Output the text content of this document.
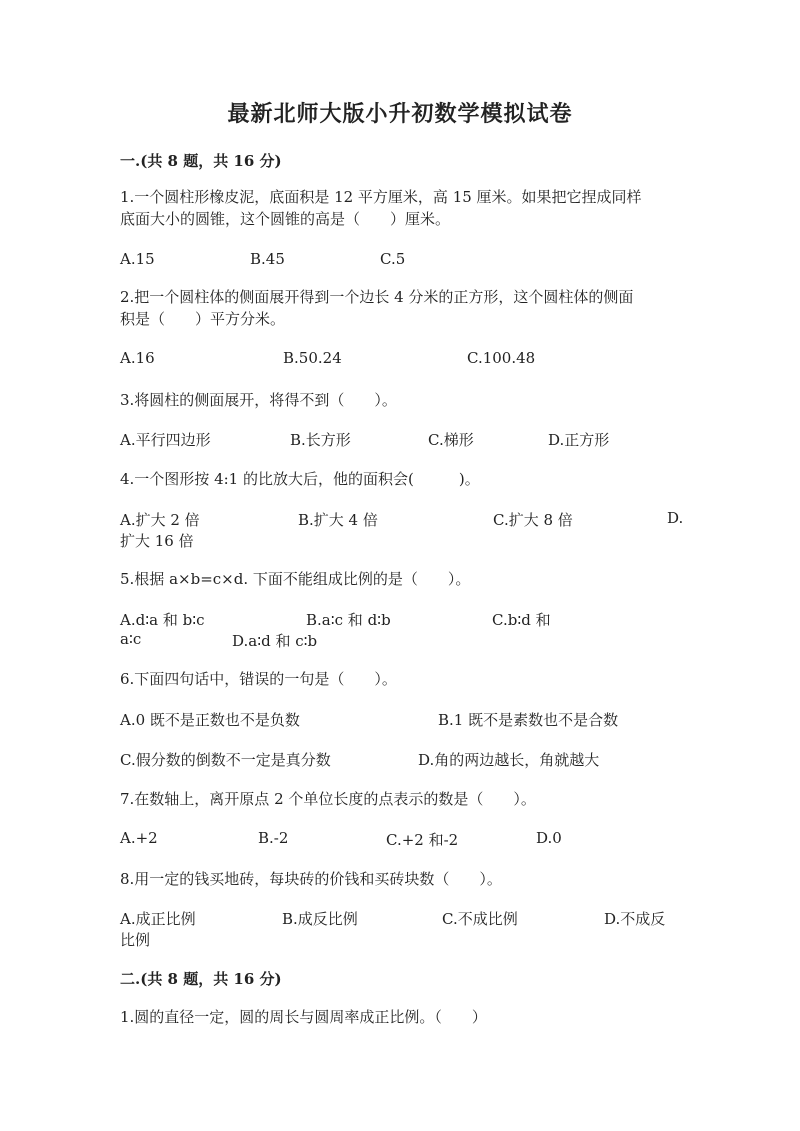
最新北师大版小升初数学模拟试卷
一.(共 8 题，共 16 分)
1.一个圆柱形橡皮泥，底面积是 12 平方厘米，高 15 厘米。如果把它捏成同样
底面大小的圆锥，这个圆锥的高是（　　）厘米。
A.15	B.45	C.5
2.把一个圆柱体的侧面展开得到一个边长 4 分米的正方形，这个圆柱体的侧面
积是（　　）平方分米。
A.16	B.50.24	C.100.48
3.将圆柱的侧面展开，将得不到（　　）。
A.平行四边形	B.长方形	C.梯形	D.正方形
4.一个图形按 4:1 的比放大后，他的面积会(　　　)。
A.扩大 2 倍	B.扩大 4 倍	C.扩大 8 倍	D.
扩大 16 倍
5.根据 a×b=c×d. 下面不能组成比例的是（　　）。
A.d∶a 和 b∶c	B.a∶c 和 d∶b	C.b∶d 和
a∶c	D.a∶d 和 c∶b
6.下面四句话中，错误的一句是（　　）。
A.0 既不是正数也不是负数	B.1 既不是素数也不是合数
C.假分数的倒数不一定是真分数	D.角的两边越长，角就越大
7.在数轴上，离开原点 2 个单位长度的点表示的数是（　　）。
A.+2	B.-2	C.+2 和-2	D.0
8.用一定的钱买地砖，每块砖的价钱和买砖块数（　　）。
A.成正比例	B.成反比例	C.不成比例	D.不成反
比例
二.(共 8 题，共 16 分)
1.圆的直径一定，圆的周长与圆周率成正比例。（　　）
